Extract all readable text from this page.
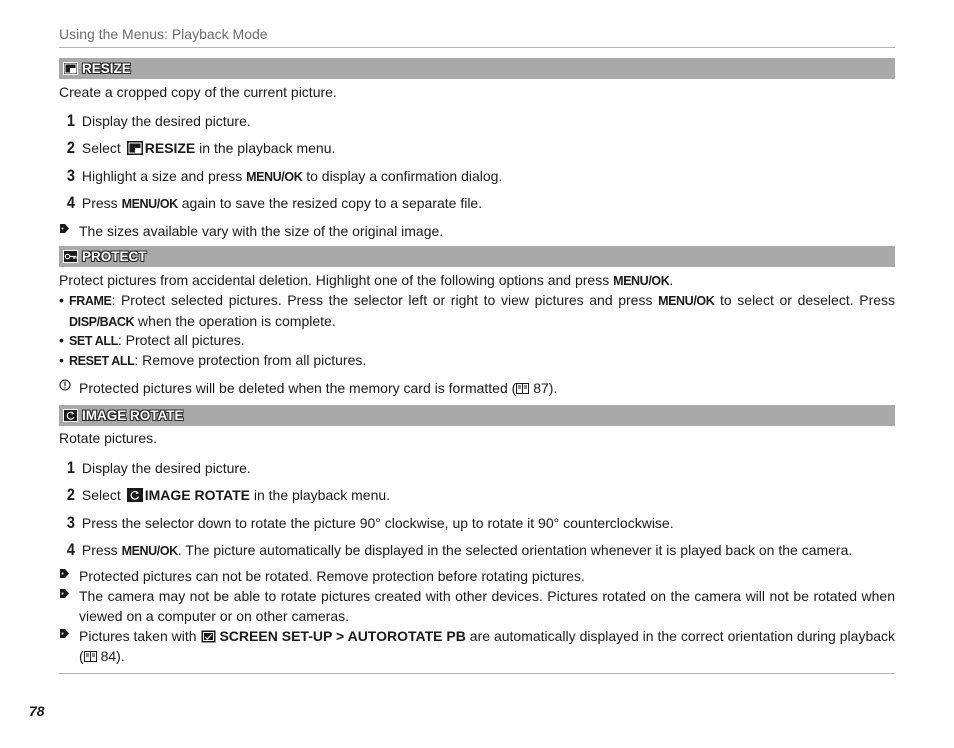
Using the Menus: Playback Mode
RESIZE
Create a cropped copy of the current picture.
1 Display the desired picture.
2 Select RESIZE in the playback menu.
3 Highlight a size and press MENU/OK to display a confirmation dialog.
4 Press MENU/OK again to save the resized copy to a separate file.
The sizes available vary with the size of the original image.
PROTECT
Protect pictures from accidental deletion. Highlight one of the following options and press MENU/OK.
• FRAME: Protect selected pictures. Press the selector left or right to view pictures and press MENU/OK to select or deselect. Press DISP/BACK when the operation is complete.
• SET ALL: Protect all pictures.
• RESET ALL: Remove protection from all pictures.
Protected pictures will be deleted when the memory card is formatted ( 87).
IMAGE ROTATE
Rotate pictures.
1 Display the desired picture.
2 Select IMAGE ROTATE in the playback menu.
3 Press the selector down to rotate the picture 90° clockwise, up to rotate it 90° counterclockwise.
4 Press MENU/OK. The picture automatically be displayed in the selected orientation whenever it is played back on the camera.
Protected pictures can not be rotated. Remove protection before rotating pictures.
The camera may not be able to rotate pictures created with other devices. Pictures rotated on the camera will not be rotated when viewed on a computer or on other cameras.
Pictures taken with SCREEN SET-UP > AUTOROTATE PB are automatically displayed in the correct orientation during playback ( 84).
78
